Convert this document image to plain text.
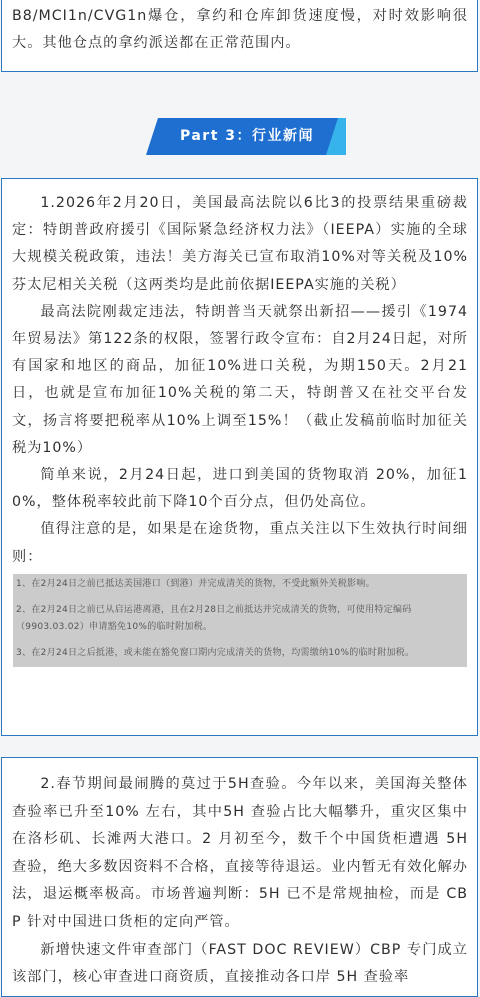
B8/MCI1n/CVG1n爆仓，拿约和仓库卸货速度慢，对时效影响很大。其他仓点的拿约派送都在正常范围内。

Part 3：行业新闻

1.2026年2月20日，美国最高法院以6比3的投票结果重磅裁定：特朗普政府援引《国际紧急经济权力法》（IEEPA）实施的全球大规模关税政策，违法！美方海关已宣布取消10%对等关税及10%芬太尼相关关税（这两类均是此前依据IEEPA实施的关税）

最高法院刚裁定违法，特朗普当天就祭出新招——援引《1974年贸易法》第122条的权限，签署行政令宣布：自2月24日起，对所有国家和地区的商品，加征10%进口关税，为期150天。2月21日，也就是宣布加征10%关税的第二天，特朗普又在社交平台发文，扬言将要把税率从10%上调至15%！（截止发稿前临时加征关税为10%）

简单来说，2月24日起，进口到美国的货物取消 20%，加征10%，整体税率较此前下降10个百分点，但仍处高位。

值得注意的是，如果是在途货物，重点关注以下生效执行时间细则：

1、在2月24日之前已抵达美国港口（到港）并完成清关的货物，不受此额外关税影响。
2、在2月24日之前已从启运港离港，且在2月28日之前抵达并完成清关的货物，可使用特定编码（9903.03.02）申请豁免10%的临时附加税。
3、在2月24日之后抵港，或未能在豁免窗口期内完成清关的货物，均需缴纳10%的临时附加税。

2.春节期间最闹腾的莫过于5H查验。今年以来，美国海关整体查验率已升至10% 左右，其中5H 查验占比大幅攀升，重灾区集中在洛杉矶、长滩两大港口。2 月初至今，数千个中国货柜遭遇 5H 查验，绝大多数因资料不合格，直接等待退运。业内暂无有效化解办法，退运概率极高。市场普遍判断：5H 已不是常规抽检，而是 CBP 针对中国进口货柜的定向严管。

新增快速文件审查部门（FAST DOC REVIEW）CBP 专门成立该部门，核心审查进口商资质，直接推动各口岸 5H 查验率
